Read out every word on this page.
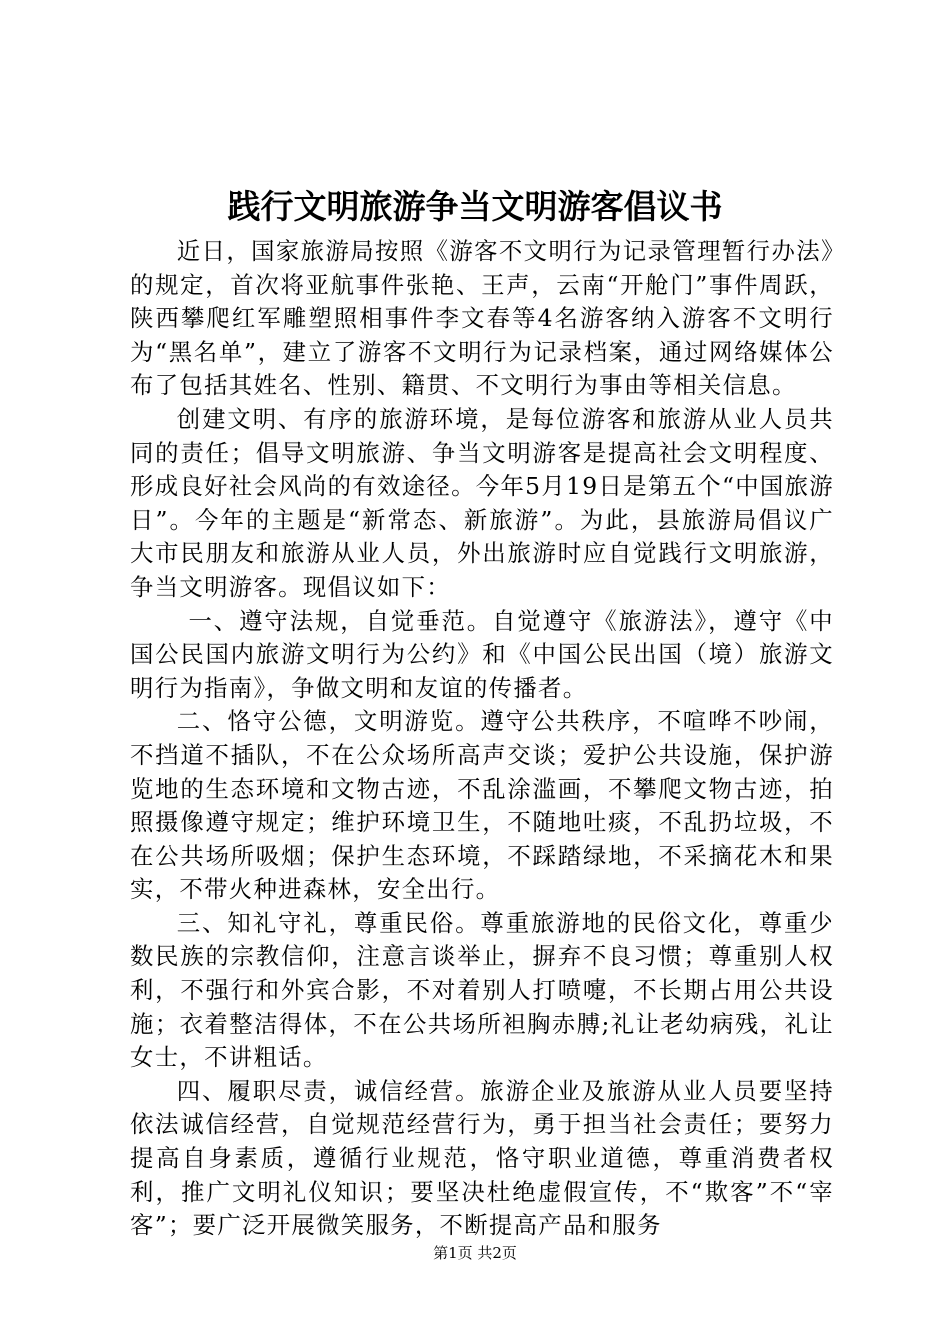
践行文明旅游争当文明游客倡议书

近日，国家旅游局按照《游客不文明行为记录管理暂行办法》的规定，首次将亚航事件张艳、王声，云南“开舱门”事件周跃，陕西攀爬红军雕塑照相事件李文春等4名游客纳入游客不文明行为“黑名单”，建立了游客不文明行为记录档案，通过网络媒体公布了包括其姓名、性别、籍贯、不文明行为事由等相关信息。

创建文明、有序的旅游环境，是每位游客和旅游从业人员共同的责任；倡导文明旅游、争当文明游客是提高社会文明程度、形成良好社会风尚的有效途径。今年5月19日是第五个“中国旅游日”。今年的主题是“新常态、新旅游”。为此，县旅游局倡议广大市民朋友和旅游从业人员，外出旅游时应自觉践行文明旅游，争当文明游客。现倡议如下：

一、遵守法规，自觉垂范。自觉遵守《旅游法》，遵守《中国公民国内旅游文明行为公约》和《中国公民出国（境）旅游文明行为指南》，争做文明和友谊的传播者。

二、恪守公德，文明游览。遵守公共秩序，不喧哗不吵闹，不挡道不插队，不在公众场所高声交谈；爱护公共设施，保护游览地的生态环境和文物古迹，不乱涂滥画，不攀爬文物古迹，拍照摄像遵守规定；维护环境卫生，不随地吐痰，不乱扔垃圾，不在公共场所吸烟；保护生态环境，不踩踏绿地，不采摘花木和果实，不带火种进森林，安全出行。

三、知礼守礼，尊重民俗。尊重旅游地的民俗文化，尊重少数民族的宗教信仰，注意言谈举止，摒弃不良习惯；尊重别人权利，不强行和外宾合影，不对着别人打喷嚏，不长期占用公共设施；衣着整洁得体，不在公共场所袒胸赤膊;礼让老幼病残，礼让女士，不讲粗话。

四、履职尽责，诚信经营。旅游企业及旅游从业人员要坚持依法诚信经营，自觉规范经营行为，勇于担当社会责任；要努力提高自身素质，遵循行业规范，恪守职业道德，尊重消费者权利，推广文明礼仪知识；要坚决杜绝虚假宣传，不“欺客”不“宰客”；要广泛开展微笑服务，不断提高产品和服务

第1页 共2页
